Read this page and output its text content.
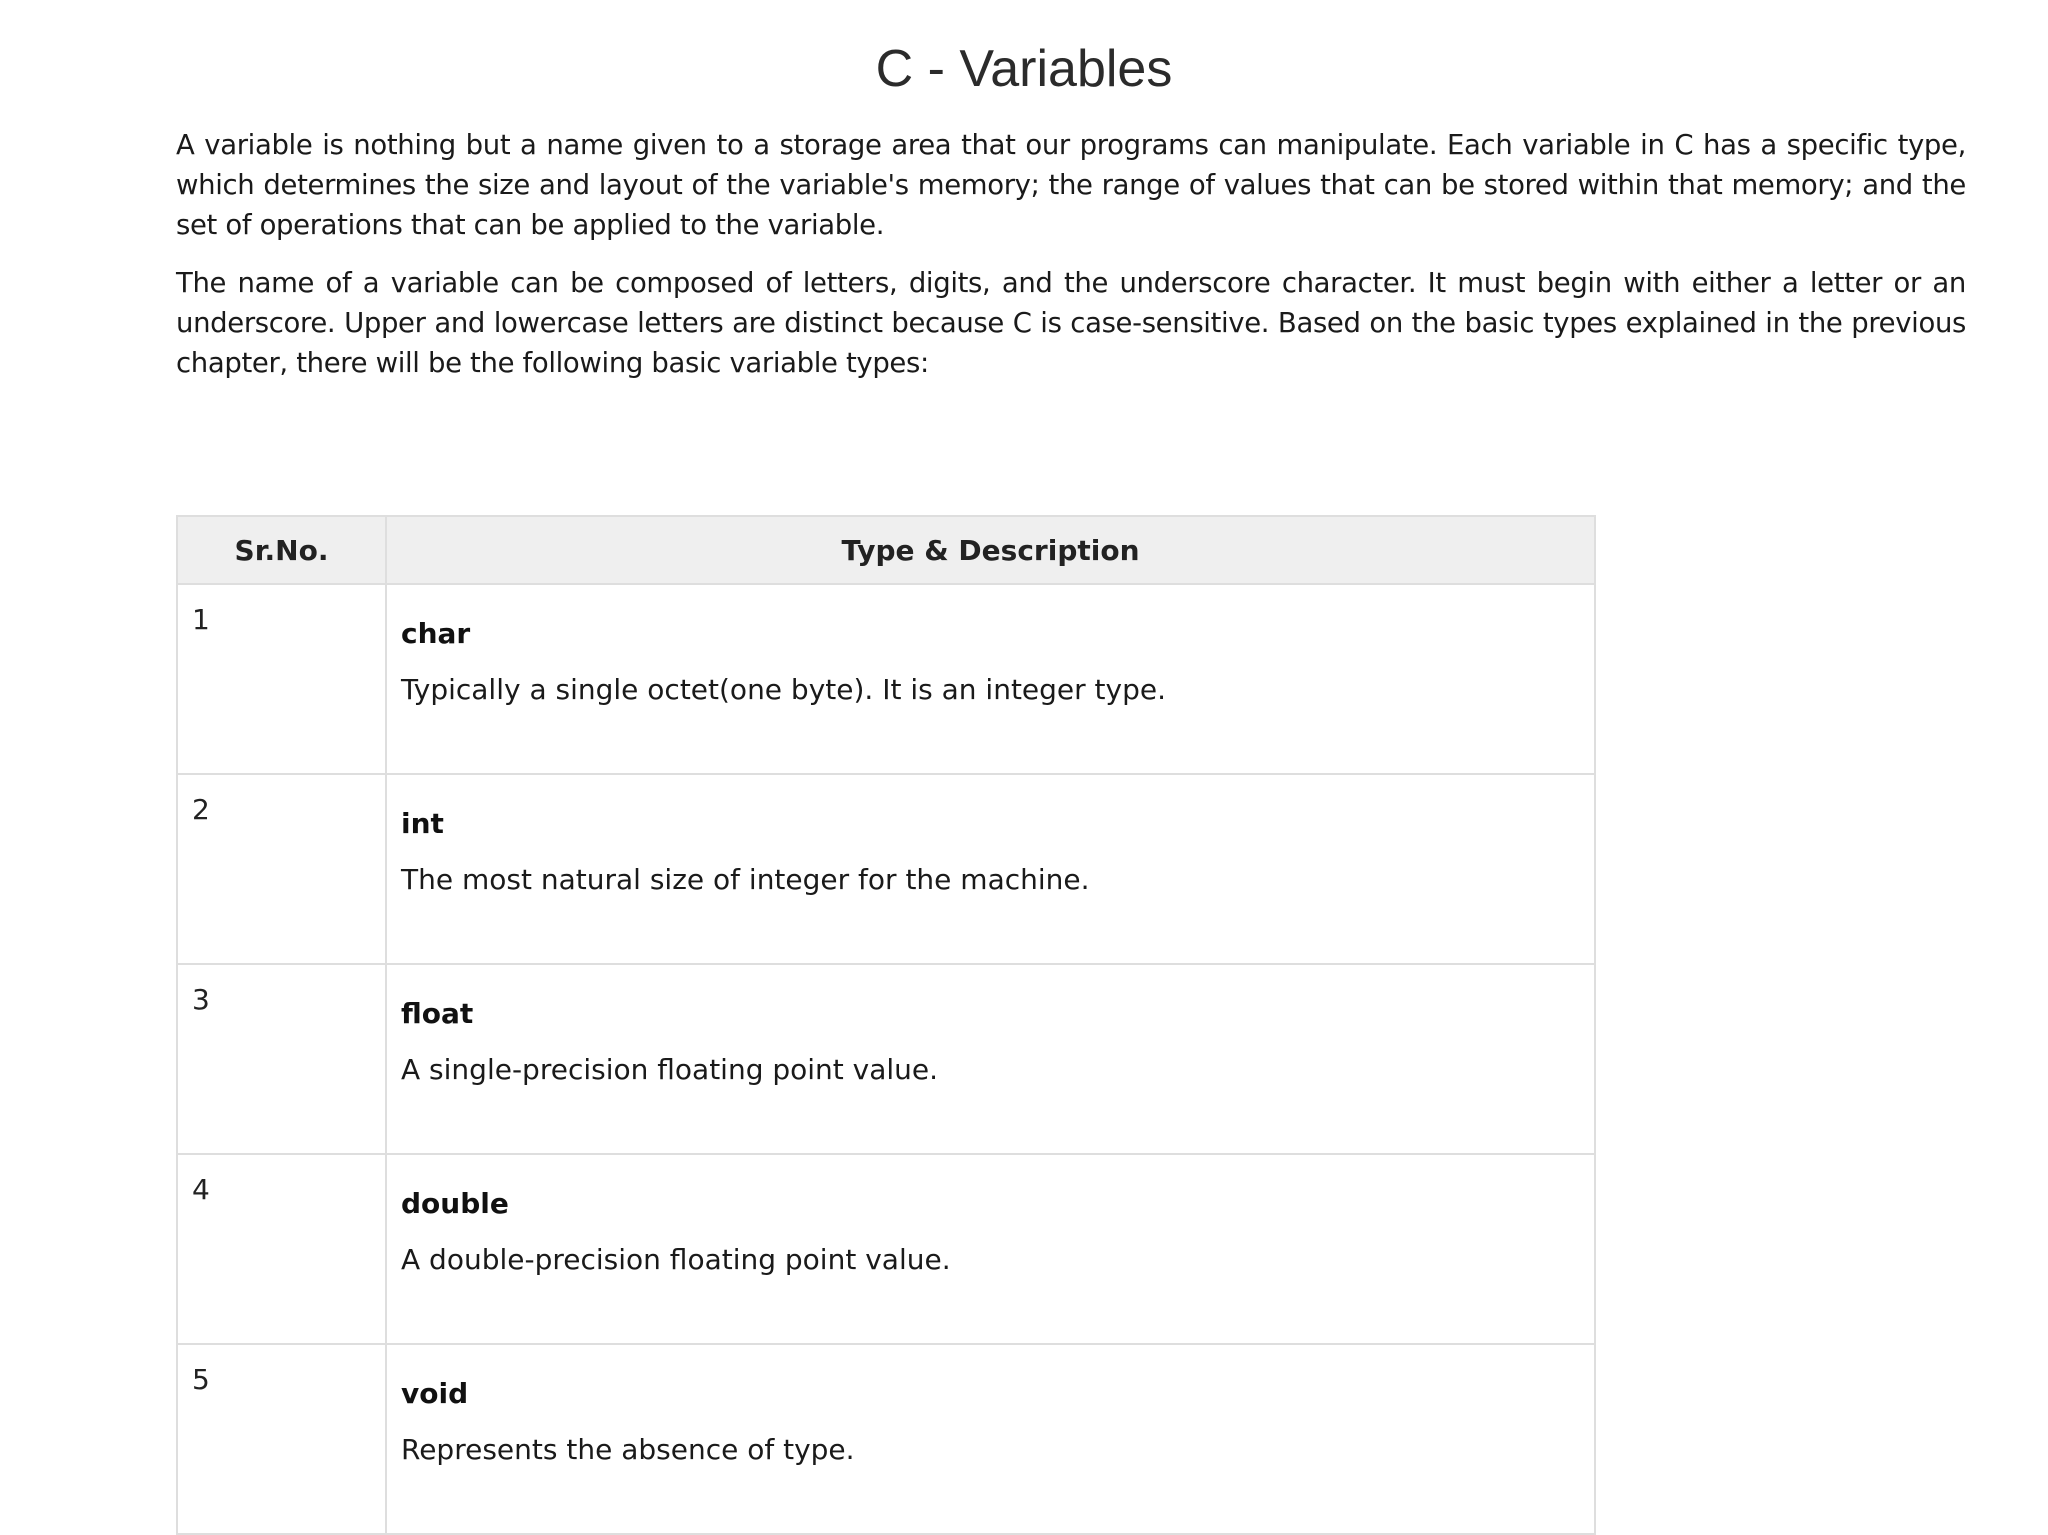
C - Variables

A variable is nothing but a name given to a storage area that our programs can manipulate. Each variable in C has a specific type, which determines the size and layout of the variable's memory; the range of values that can be stored within that memory; and the set of operations that can be applied to the variable.

The name of a variable can be composed of letters, digits, and the underscore character. It must begin with either a letter or an underscore. Upper and lowercase letters are distinct because C is case-sensitive. Based on the basic types explained in the previous chapter, there will be the following basic variable types:

Sr.No.	Type & Description
1	char
Typically a single octet(one byte). It is an integer type.

2	int
The most natural size of integer for the machine.

3	float
A single-precision floating point value.

4	double
A double-precision floating point value.

5	void
Represents the absence of type.
